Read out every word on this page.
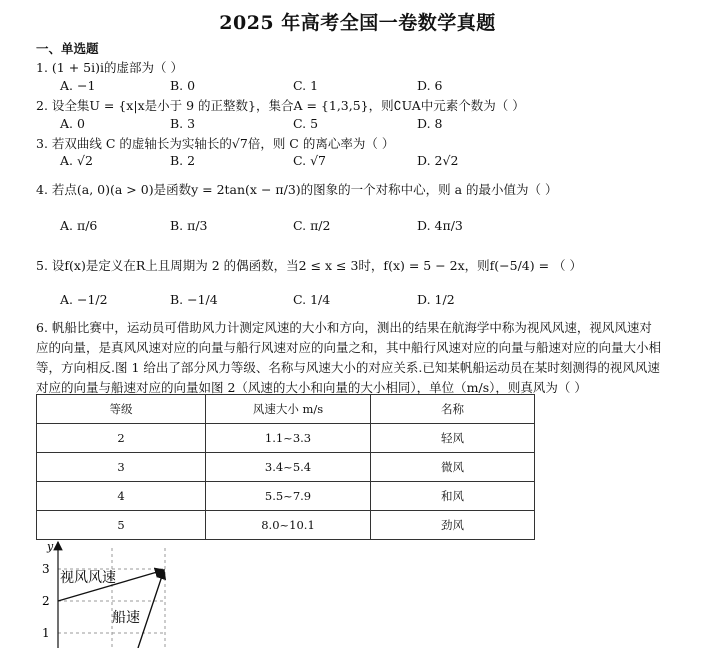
2025 年高考全国一卷数学真题
一、单选题
1. (1 + 5i)i的虚部为（ ）
A. −1	B. 0	C. 1	D. 6
2. 设全集U = {x|x是小于 9 的正整数}，集合A = {1,3,5}，则∁UA中元素个数为（ ）
A. 0	B. 3	C. 5	D. 8
3. 若双曲线 C 的虚轴长为实轴长的√7倍，则 C 的离心率为（ ）
A. √2	B. 2	C. √7	D. 2√2
4. 若点(a, 0)(a > 0)是函数y = 2tan(x − π/3)的图象的一个对称中心，则 a 的最小值为（ ）
A. π/6	B. π/3	C. π/2	D. 4π/3
5. 设f(x)是定义在R上且周期为 2 的偶函数，当2 ≤ x ≤ 3时，f(x) = 5 − 2x，则f(−5/4) = （ ）
A. −1/2	B. −1/4	C. 1/4	D. 1/2
6. 帆船比赛中，运动员可借助风力计测定风速的大小和方向，测出的结果在航海学中称为视风风速，视风风速对
应的向量，是真风风速对应的向量与船行风速对应的向量之和，其中船行风速对应的向量与船速对应的向量大小相
等，方向相反.图 1 给出了部分风力等级、名称与风速大小的对应关系.已知某帆船运动员在某时刻测得的视风风速
对应的向量与船速对应的向量如图 2（风速的大小和向量的大小相同），单位（m/s），则真风为（ ）
等级	风速大小 m/s	名称
2	1.1~3.3	轻风
3	3.4~5.4	微风
4	5.5~7.9	和风
5	8.0~10.1	劲风
y
3
2
1
视风风速
船速
